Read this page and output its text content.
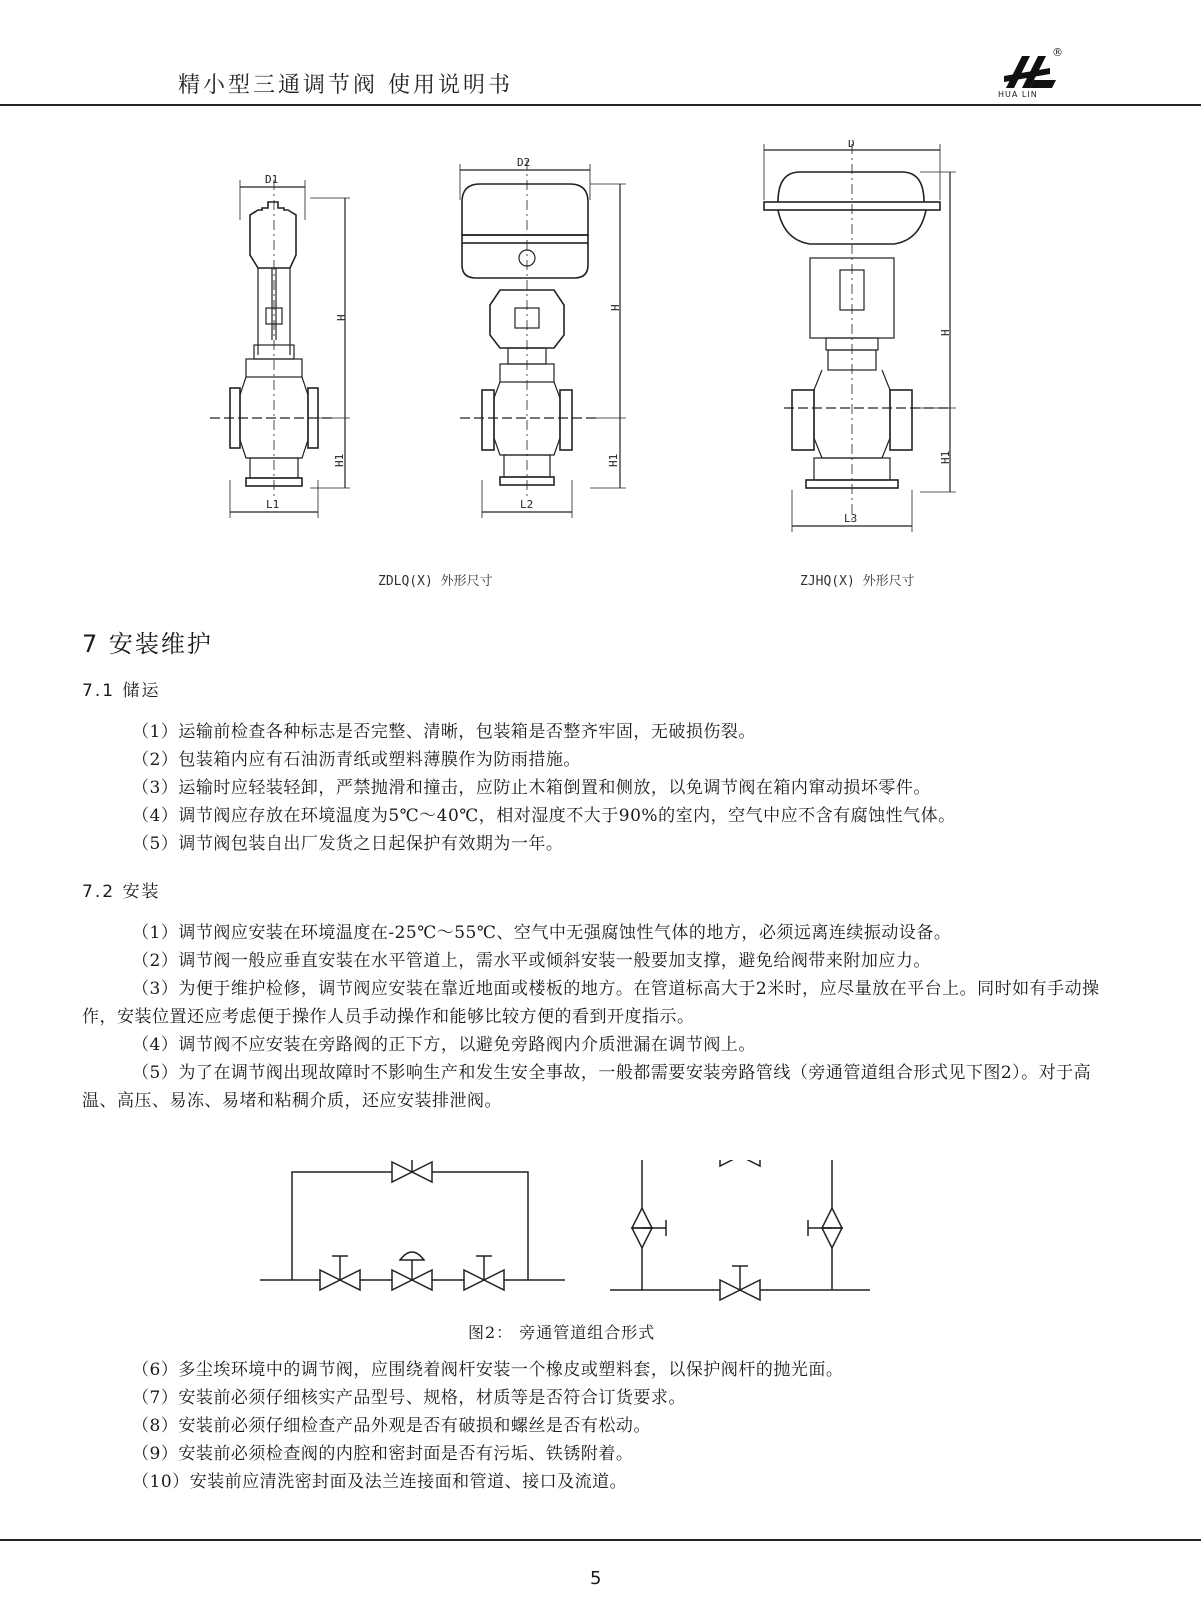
精小型三通调节阀 使用说明书
®
HUA LIN
D1
H
H1
L1
D2
H
H1
L2
D
H
H1
L3
ZDLQ(X) 外形尺寸	ZJHQ(X) 外形尺寸
7 安装维护
7.1 储运
（1）运输前检查各种标志是否完整、清晰，包装箱是否整齐牢固，无破损伤裂。
（2）包装箱内应有石油沥青纸或塑料薄膜作为防雨措施。
（3）运输时应轻装轻卸，严禁抛滑和撞击，应防止木箱倒置和侧放，以免调节阀在箱内窜动损坏零件。
（4）调节阀应存放在环境温度为5℃～40℃，相对湿度不大于90%的室内，空气中应不含有腐蚀性气体。
（5）调节阀包装自出厂发货之日起保护有效期为一年。
7.2 安装
（1）调节阀应安装在环境温度在-25℃～55℃、空气中无强腐蚀性气体的地方，必须远离连续振动设备。
（2）调节阀一般应垂直安装在水平管道上，需水平或倾斜安装一般要加支撑，避免给阀带来附加应力。
（3）为便于维护检修，调节阀应安装在靠近地面或楼板的地方。在管道标高大于2米时，应尽量放在平台上。同时如有手动操作，安装位置还应考虑便于操作人员手动操作和能够比较方便的看到开度指示。
（4）调节阀不应安装在旁路阀的正下方，以避免旁路阀内介质泄漏在调节阀上。
（5）为了在调节阀出现故障时不影响生产和发生安全事故，一般都需要安装旁路管线（旁通管道组合形式见下图2）。对于高温、高压、易冻、易堵和粘稠介质，还应安装排泄阀。
图2： 旁通管道组合形式
（6）多尘埃环境中的调节阀，应围绕着阀杆安装一个橡皮或塑料套，以保护阀杆的抛光面。
（7）安装前必须仔细核实产品型号、规格，材质等是否符合订货要求。
（8）安装前必须仔细检查产品外观是否有破损和螺丝是否有松动。
（9）安装前必须检查阀的内腔和密封面是否有污垢、铁锈附着。
（10）安装前应清洗密封面及法兰连接面和管道、接口及流道。
5
